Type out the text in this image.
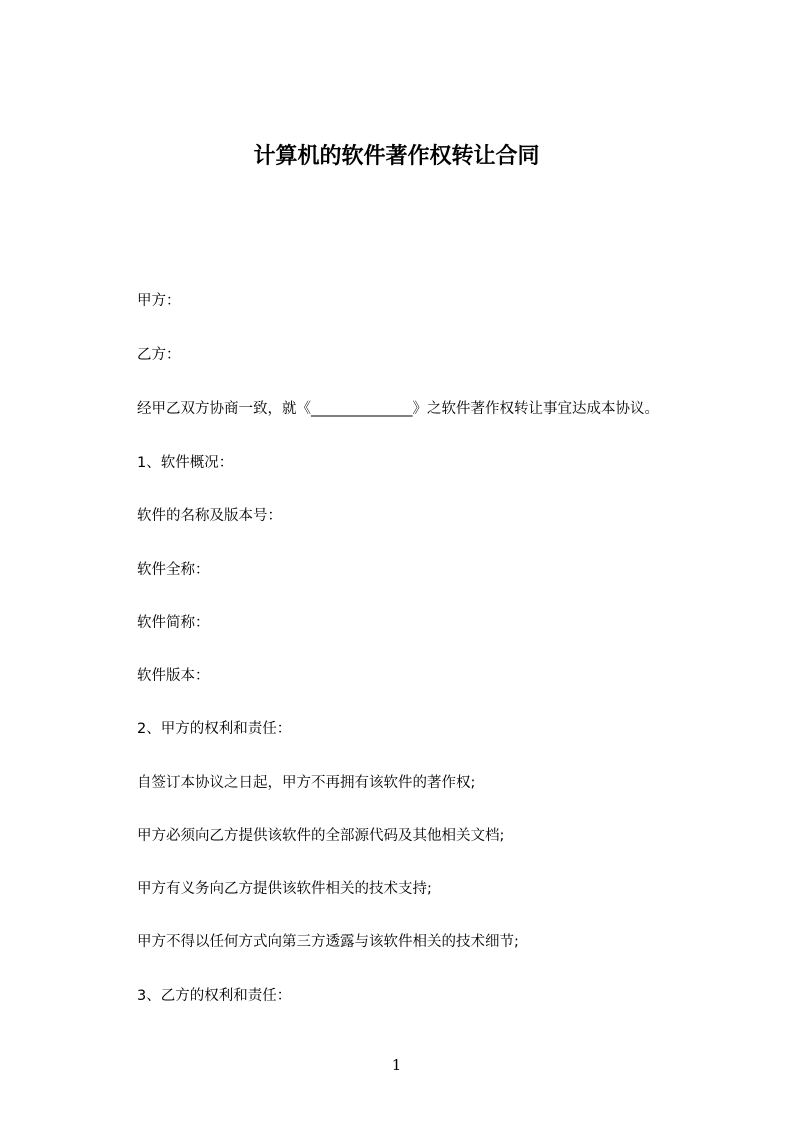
计算机的软件著作权转让合同
甲方：
乙方：
经甲乙双方协商一致，就《______________》之软件著作权转让事宜达成本协议。
1、软件概况：
软件的名称及版本号：
软件全称：
软件简称：
软件版本：
2、甲方的权利和责任：
自签订本协议之日起，甲方不再拥有该软件的著作权;
甲方必须向乙方提供该软件的全部源代码及其他相关文档;
甲方有义务向乙方提供该软件相关的技术支持;
甲方不得以任何方式向第三方透露与该软件相关的技术细节;
3、乙方的权利和责任：
1
